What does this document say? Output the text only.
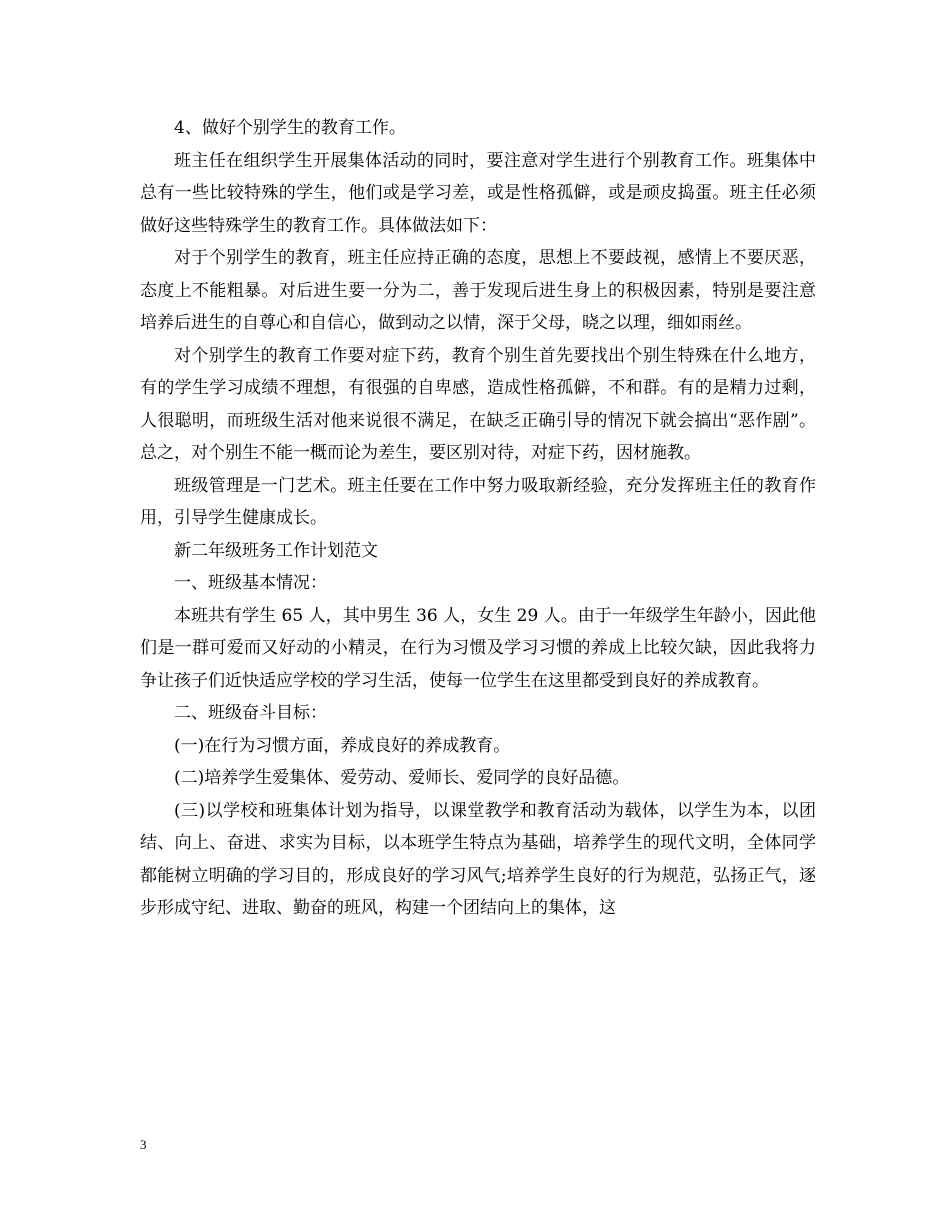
4、做好个别学生的教育工作。

班主任在组织学生开展集体活动的同时，要注意对学生进行个别教育工作。班集体中总有一些比较特殊的学生，他们或是学习差，或是性格孤僻，或是顽皮捣蛋。班主任必须做好这些特殊学生的教育工作。具体做法如下：

对于个别学生的教育，班主任应持正确的态度，思想上不要歧视，感情上不要厌恶，态度上不能粗暴。对后进生要一分为二，善于发现后进生身上的积极因素，特别是要注意培养后进生的自尊心和自信心，做到动之以情，深于父母，晓之以理，细如雨丝。

对个别学生的教育工作要对症下药，教育个别生首先要找出个别生特殊在什么地方，有的学生学习成绩不理想，有很强的自卑感，造成性格孤僻，不和群。有的是精力过剩，人很聪明，而班级生活对他来说很不满足，在缺乏正确引导的情况下就会搞出“恶作剧”。总之，对个别生不能一概而论为差生，要区别对待，对症下药，因材施教。

班级管理是一门艺术。班主任要在工作中努力吸取新经验，充分发挥班主任的教育作用，引导学生健康成长。

新二年级班务工作计划范文

一、班级基本情况：

本班共有学生 65 人，其中男生 36 人，女生 29 人。由于一年级学生年龄小，因此他们是一群可爱而又好动的小精灵，在行为习惯及学习习惯的养成上比较欠缺，因此我将力争让孩子们近快适应学校的学习生活，使每一位学生在这里都受到良好的养成教育。

二、班级奋斗目标：

(一)在行为习惯方面，养成良好的养成教育。

(二)培养学生爱集体、爱劳动、爱师长、爱同学的良好品德。

(三)以学校和班集体计划为指导，以课堂教学和教育活动为载体，以学生为本，以团结、向上、奋进、求实为目标，以本班学生特点为基础，培养学生的现代文明，全体同学都能树立明确的学习目的，形成良好的学习风气;培养学生良好的行为规范，弘扬正气，逐步形成守纪、进取、勤奋的班风，构建一个团结向上的集体，这

3
